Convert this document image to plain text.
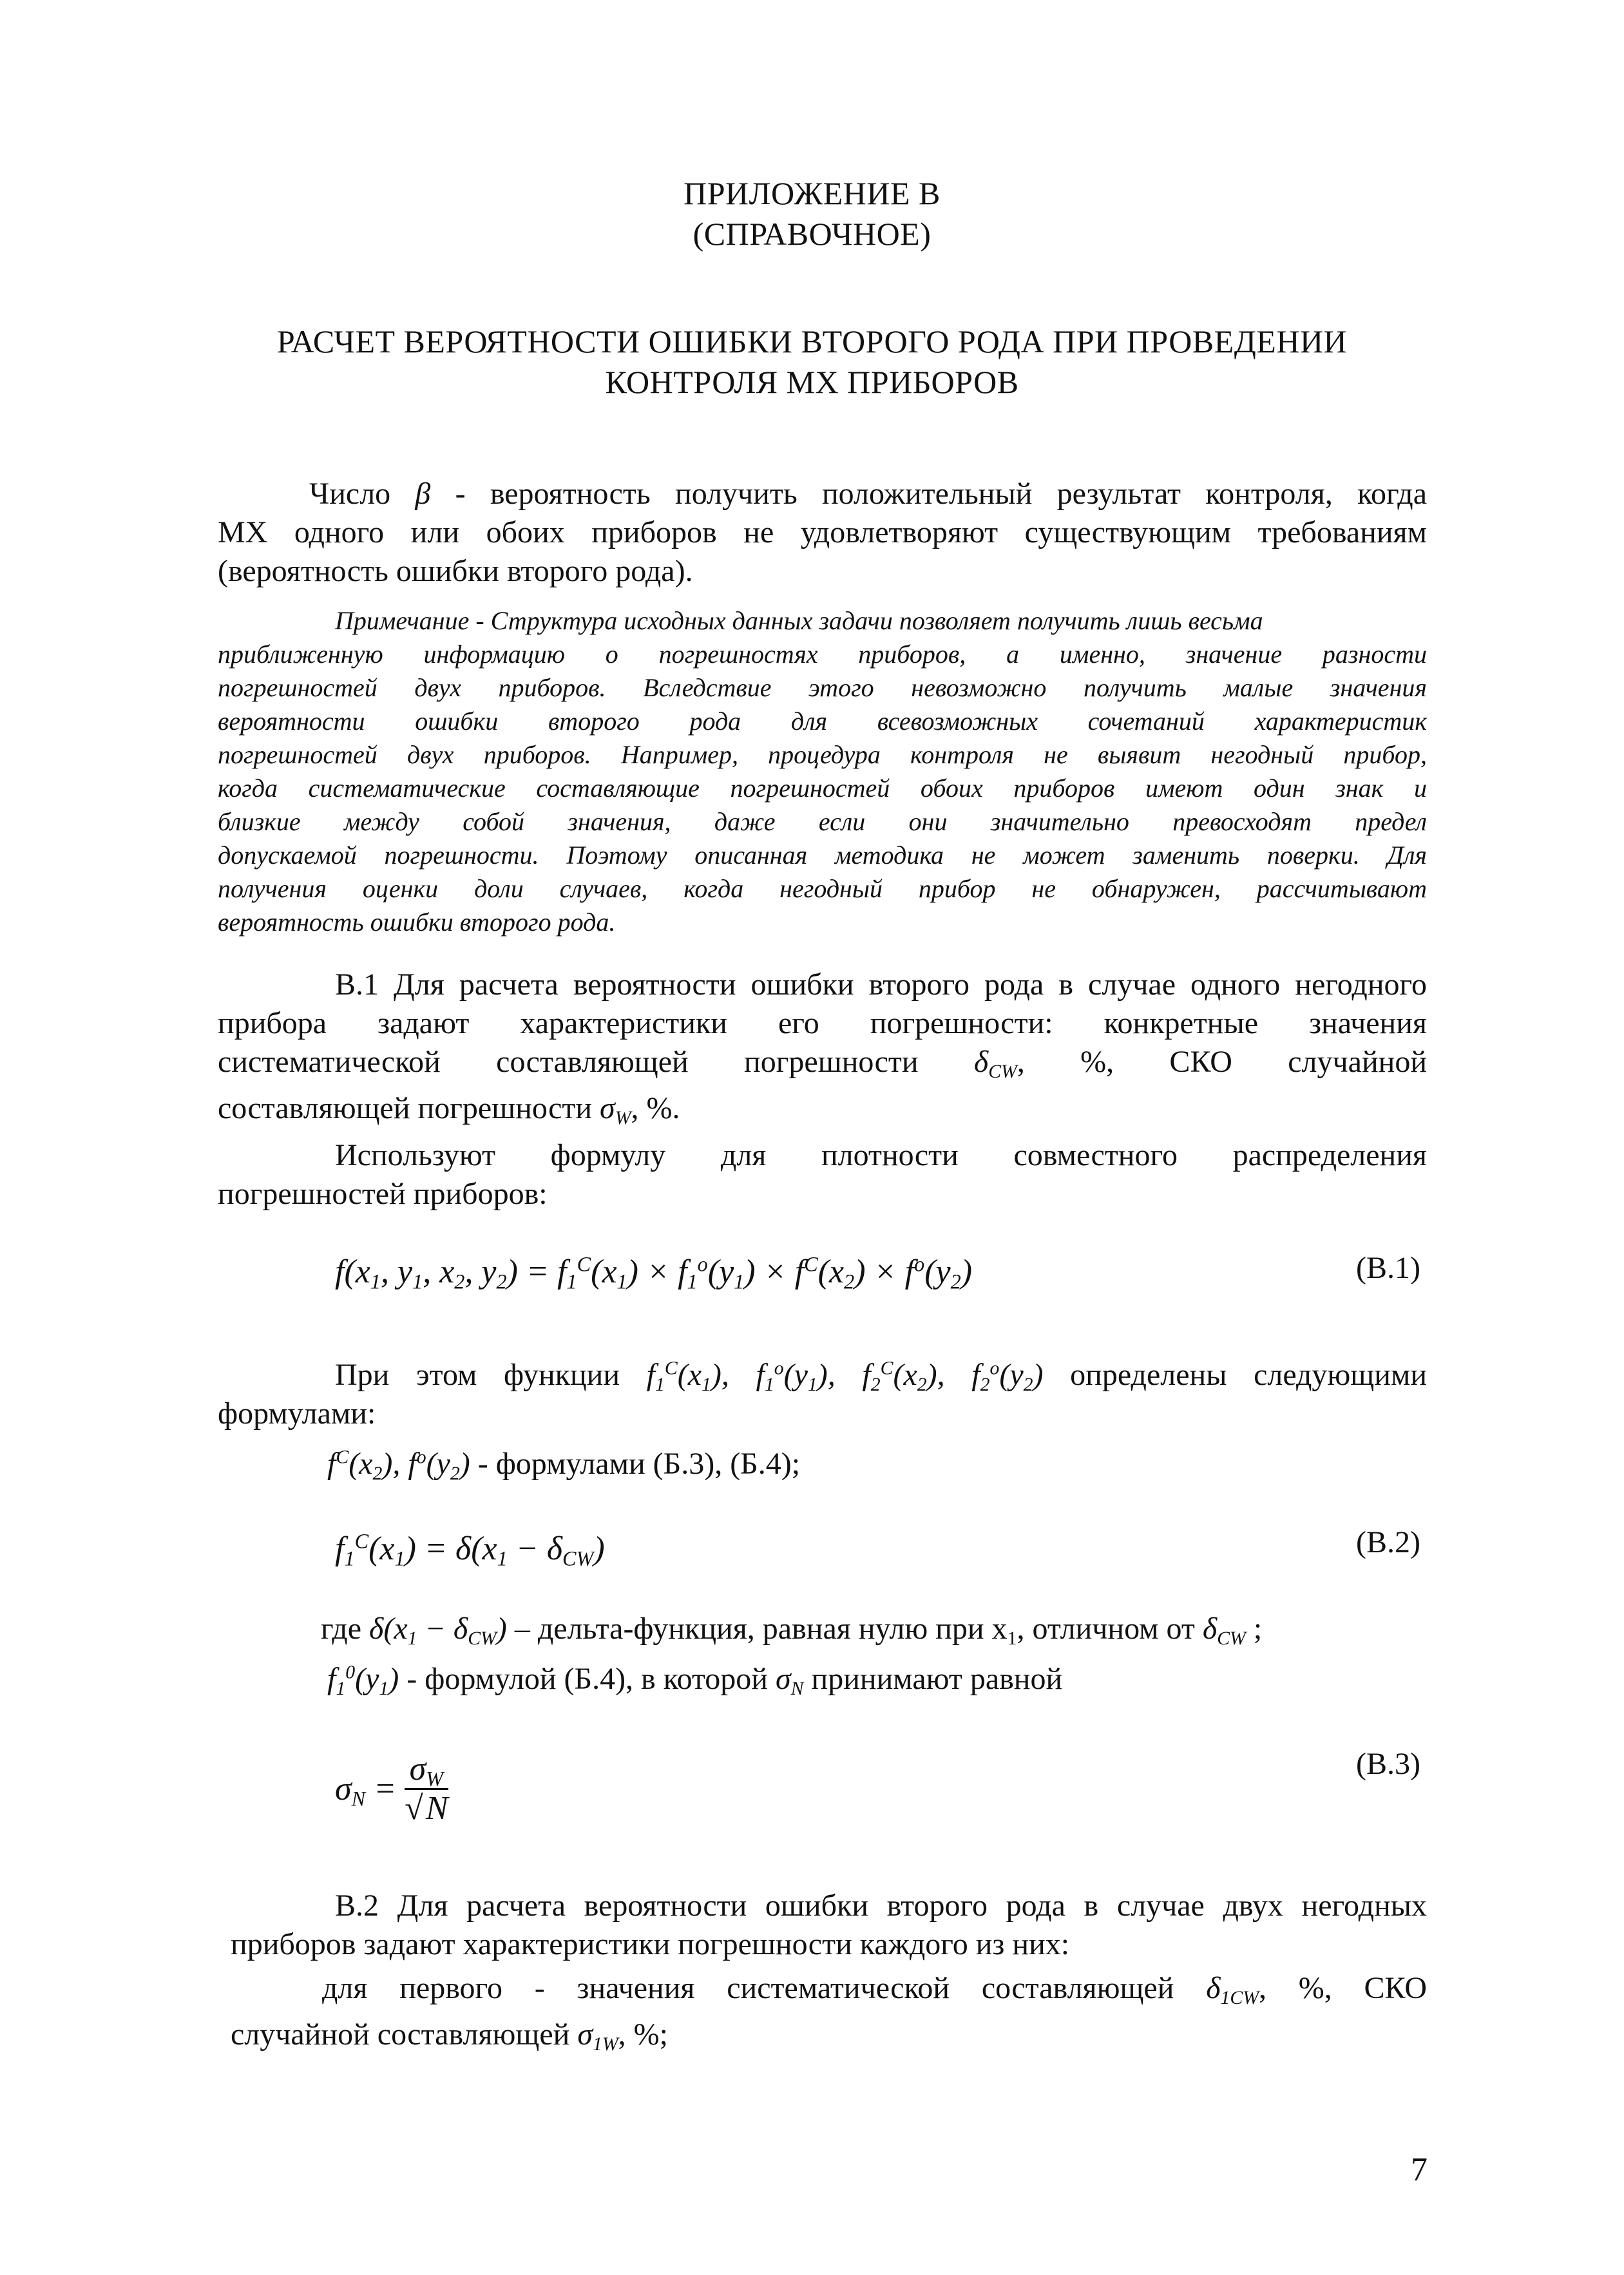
ПРИЛОЖЕНИЕ В
(СПРАВОЧНОЕ)
РАСЧЕТ ВЕРОЯТНОСТИ ОШИБКИ ВТОРОГО РОДА ПРИ ПРОВЕДЕНИИ
КОНТРОЛЯ МХ ПРИБОРОВ
Число β - вероятность получить положительный результат контроля, когда
МХ одного или обоих приборов не удовлетворяют существующим требованиям
(вероятность ошибки второго рода).
Примечание - Структура исходных данных задачи позволяет получить лишь весьма
приближенную информацию о погрешностях приборов, а именно, значение разности
погрешностей двух приборов. Вследствие этого невозможно получить малые значения
вероятности ошибки второго рода для всевозможных сочетаний характеристик
погрешностей двух приборов. Например, процедура контроля не выявит негодный прибор,
когда систематические составляющие погрешностей обоих приборов имеют один знак и
близкие между собой значения, даже если они значительно превосходят предел
допускаемой погрешности. Поэтому описанная методика не может заменить поверки. Для
получения оценки доли случаев, когда негодный прибор не обнаружен, рассчитывают
вероятность ошибки второго рода.
В.1 Для расчета вероятности ошибки второго рода в случае одного негодного
прибора задают характеристики его погрешности: конкретные значения
систематической составляющей погрешности $\delta_{CW}$, %, СКО случайной
составляющей погрешности $\sigma_W$, %.
Используют формулу для плотности совместного распределения
погрешностей приборов:
$f(x_1$, $y_1$, $x_2$, $y_2) = f_1^C(x_1) \times f_1^o(y_1) \times f^C(x_2) \times f^o(y_2)$	(В.1)
При этом функции $f_1^C(x_1)$, $f_1^o(y_1)$, $f_2^C(x_2)$, $f_2^o(y_2)$ определены следующими
формулами:
$f^C(x_2)$, $f^o(y_2)$ - формулами (Б.3), (Б.4);
$f_1^C(x_1) = \delta(x_1 - \delta_{CW})$	(В.2)
где $\delta(x_1 - \delta_{CW})$ – дельта-функция, равная нулю при $x_1$, отличном от $\delta_{CW}$ ;
$f_1^0(y_1)$ - формулой (Б.4), в которой $\sigma_N$ принимают равной
$\sigma_N = \frac{\sigma_W}{√N}$	(В.3)
В.2 Для расчета вероятности ошибки второго рода в случае двух негодных
приборов задают характеристики погрешности каждого из них:
для первого - значения систематической составляющей $\delta_{1CW}$, %, СКО
случайной составляющей $\sigma_{1W}$, %;
7
